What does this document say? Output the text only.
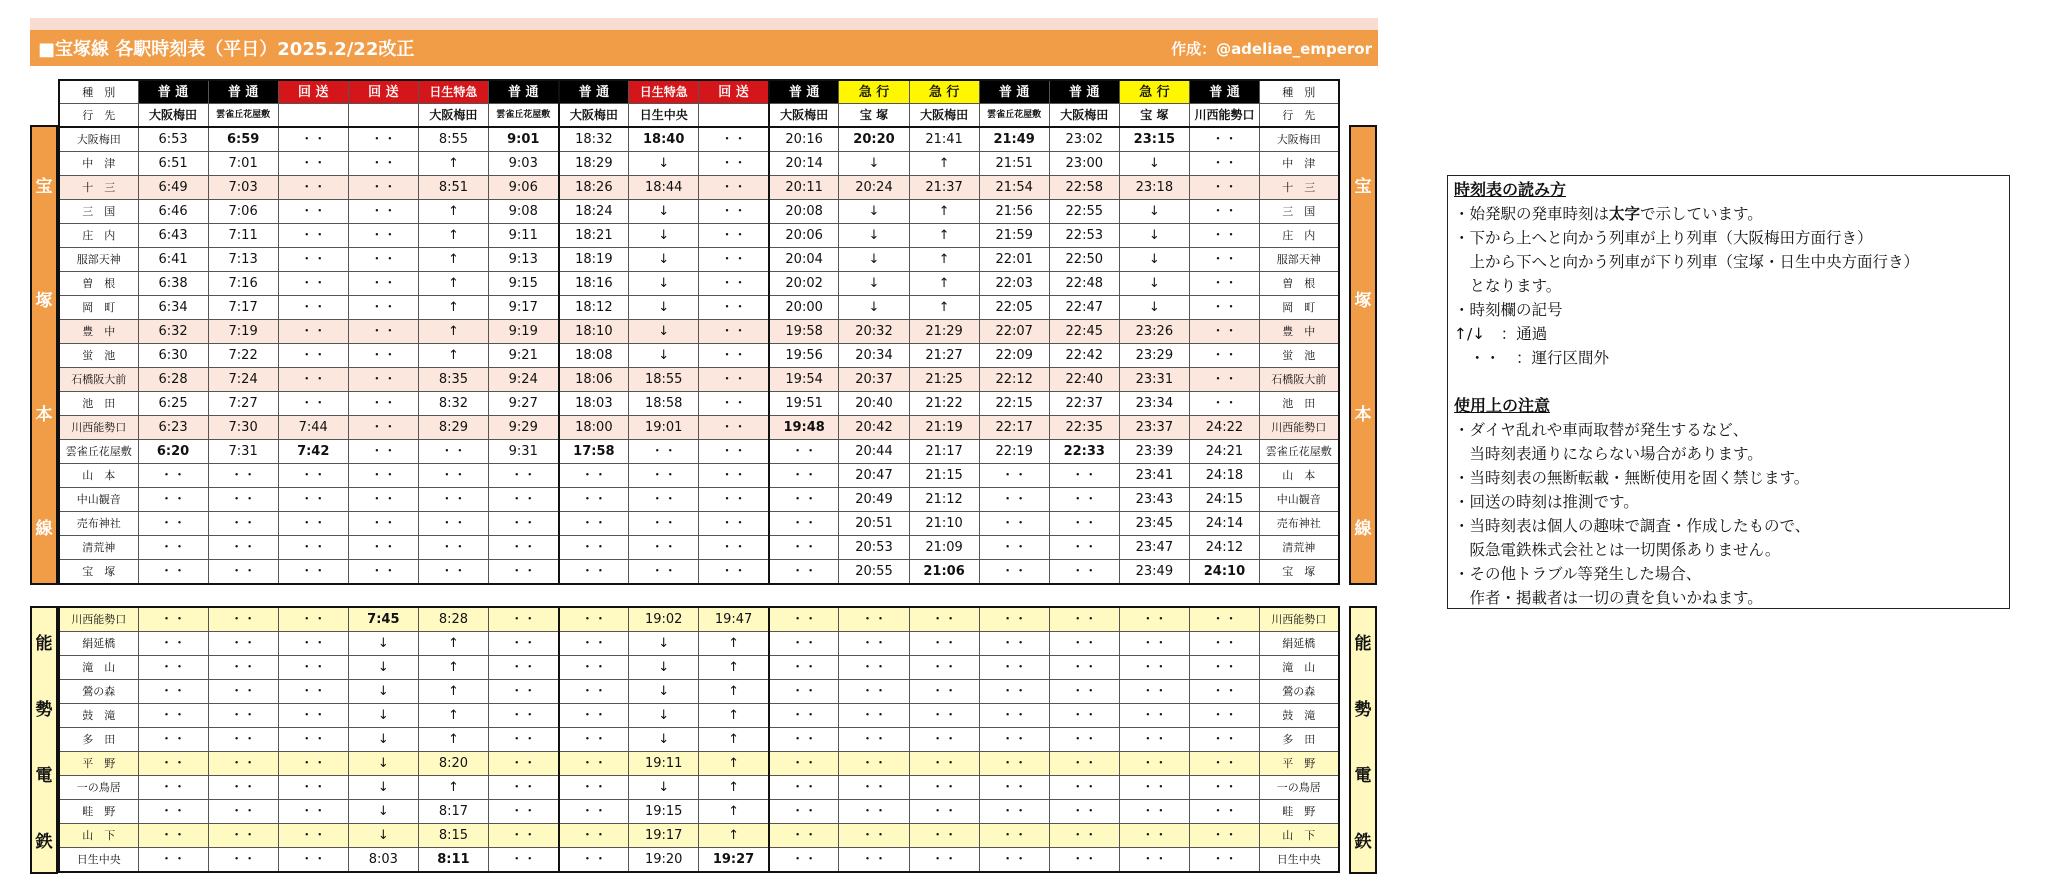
■宝塚線 各駅時刻表（平日）2025.2/22改正	作成：@adeliae_emperor
宝
塚
本
線
宝
塚
本
線
能
勢
電
鉄
能
勢
電
鉄
種　別	普 通	普 通	回 送	回 送	日生特急	普 通	普 通	日生特急	回 送	普 通	急 行	急 行	普 通	普 通	急 行	普 通	種　別
行　先	大阪梅田	雲雀丘花屋敷			大阪梅田	雲雀丘花屋敷	大阪梅田	日生中央		大阪梅田	宝 塚	大阪梅田	雲雀丘花屋敷	大阪梅田	宝 塚	川西能勢口	行　先
大阪梅田	6:53	6:59	・・	・・	8:55	9:01	18:32	18:40	・・	20:16	20:20	21:41	21:49	23:02	23:15	・・	大阪梅田
中　津	6:51	7:01	・・	・・	↑	9:03	18:29	↓	・・	20:14	↓	↑	21:51	23:00	↓	・・	中　津
十　三	6:49	7:03	・・	・・	8:51	9:06	18:26	18:44	・・	20:11	20:24	21:37	21:54	22:58	23:18	・・	十　三
三　国	6:46	7:06	・・	・・	↑	9:08	18:24	↓	・・	20:08	↓	↑	21:56	22:55	↓	・・	三　国
庄　内	6:43	7:11	・・	・・	↑	9:11	18:21	↓	・・	20:06	↓	↑	21:59	22:53	↓	・・	庄　内
服部天神	6:41	7:13	・・	・・	↑	9:13	18:19	↓	・・	20:04	↓	↑	22:01	22:50	↓	・・	服部天神
曽　根	6:38	7:16	・・	・・	↑	9:15	18:16	↓	・・	20:02	↓	↑	22:03	22:48	↓	・・	曽　根
岡　町	6:34	7:17	・・	・・	↑	9:17	18:12	↓	・・	20:00	↓	↑	22:05	22:47	↓	・・	岡　町
豊　中	6:32	7:19	・・	・・	↑	9:19	18:10	↓	・・	19:58	20:32	21:29	22:07	22:45	23:26	・・	豊　中
蛍　池	6:30	7:22	・・	・・	↑	9:21	18:08	↓	・・	19:56	20:34	21:27	22:09	22:42	23:29	・・	蛍　池
石橋阪大前	6:28	7:24	・・	・・	8:35	9:24	18:06	18:55	・・	19:54	20:37	21:25	22:12	22:40	23:31	・・	石橋阪大前
池　田	6:25	7:27	・・	・・	8:32	9:27	18:03	18:58	・・	19:51	20:40	21:22	22:15	22:37	23:34	・・	池　田
川西能勢口	6:23	7:30	7:44	・・	8:29	9:29	18:00	19:01	・・	19:48	20:42	21:19	22:17	22:35	23:37	24:22	川西能勢口
雲雀丘花屋敷	6:20	7:31	7:42	・・	・・	9:31	17:58	・・	・・	・・	20:44	21:17	22:19	22:33	23:39	24:21	雲雀丘花屋敷
山　本	・・	・・	・・	・・	・・	・・	・・	・・	・・	・・	20:47	21:15	・・	・・	23:41	24:18	山　本
中山観音	・・	・・	・・	・・	・・	・・	・・	・・	・・	・・	20:49	21:12	・・	・・	23:43	24:15	中山観音
売布神社	・・	・・	・・	・・	・・	・・	・・	・・	・・	・・	20:51	21:10	・・	・・	23:45	24:14	売布神社
清荒神	・・	・・	・・	・・	・・	・・	・・	・・	・・	・・	20:53	21:09	・・	・・	23:47	24:12	清荒神
宝　塚	・・	・・	・・	・・	・・	・・	・・	・・	・・	・・	20:55	21:06	・・	・・	23:49	24:10	宝　塚
川西能勢口	・・	・・	・・	7:45	8:28	・・	・・	19:02	19:47	・・	・・	・・	・・	・・	・・	・・	川西能勢口
絹延橋	・・	・・	・・	↓	↑	・・	・・	↓	↑	・・	・・	・・	・・	・・	・・	・・	絹延橋
滝　山	・・	・・	・・	↓	↑	・・	・・	↓	↑	・・	・・	・・	・・	・・	・・	・・	滝　山
鶯の森	・・	・・	・・	↓	↑	・・	・・	↓	↑	・・	・・	・・	・・	・・	・・	・・	鶯の森
鼓　滝	・・	・・	・・	↓	↑	・・	・・	↓	↑	・・	・・	・・	・・	・・	・・	・・	鼓　滝
多　田	・・	・・	・・	↓	↑	・・	・・	↓	↑	・・	・・	・・	・・	・・	・・	・・	多　田
平　野	・・	・・	・・	↓	8:20	・・	・・	19:11	↑	・・	・・	・・	・・	・・	・・	・・	平　野
一の鳥居	・・	・・	・・	↓	↑	・・	・・	↓	↑	・・	・・	・・	・・	・・	・・	・・	一の鳥居
畦　野	・・	・・	・・	↓	8:17	・・	・・	19:15	↑	・・	・・	・・	・・	・・	・・	・・	畦　野
山　下	・・	・・	・・	↓	8:15	・・	・・	19:17	↑	・・	・・	・・	・・	・・	・・	・・	山　下
日生中央	・・	・・	・・	8:03	8:11	・・	・・	19:20	19:27	・・	・・	・・	・・	・・	・・	・・	日生中央
時刻表の読み方
・始発駅の発車時刻は太字で示しています。
・下から上へと向かう列車が上り列車（大阪梅田方面行き）
　上から下へと向かう列車が下り列車（宝塚・日生中央方面行き）
　となります。
・時刻欄の記号
↑/↓　：通過
　・・　：運行区間外
使用上の注意
・ダイヤ乱れや車両取替が発生するなど、
　当時刻表通りにならない場合があります。
・当時刻表の無断転載・無断使用を固く禁じます。
・回送の時刻は推測です。
・当時刻表は個人の趣味で調査・作成したもので、
　阪急電鉄株式会社とは一切関係ありません。
・その他トラブル等発生した場合、
　作者・掲載者は一切の責を負いかねます。
